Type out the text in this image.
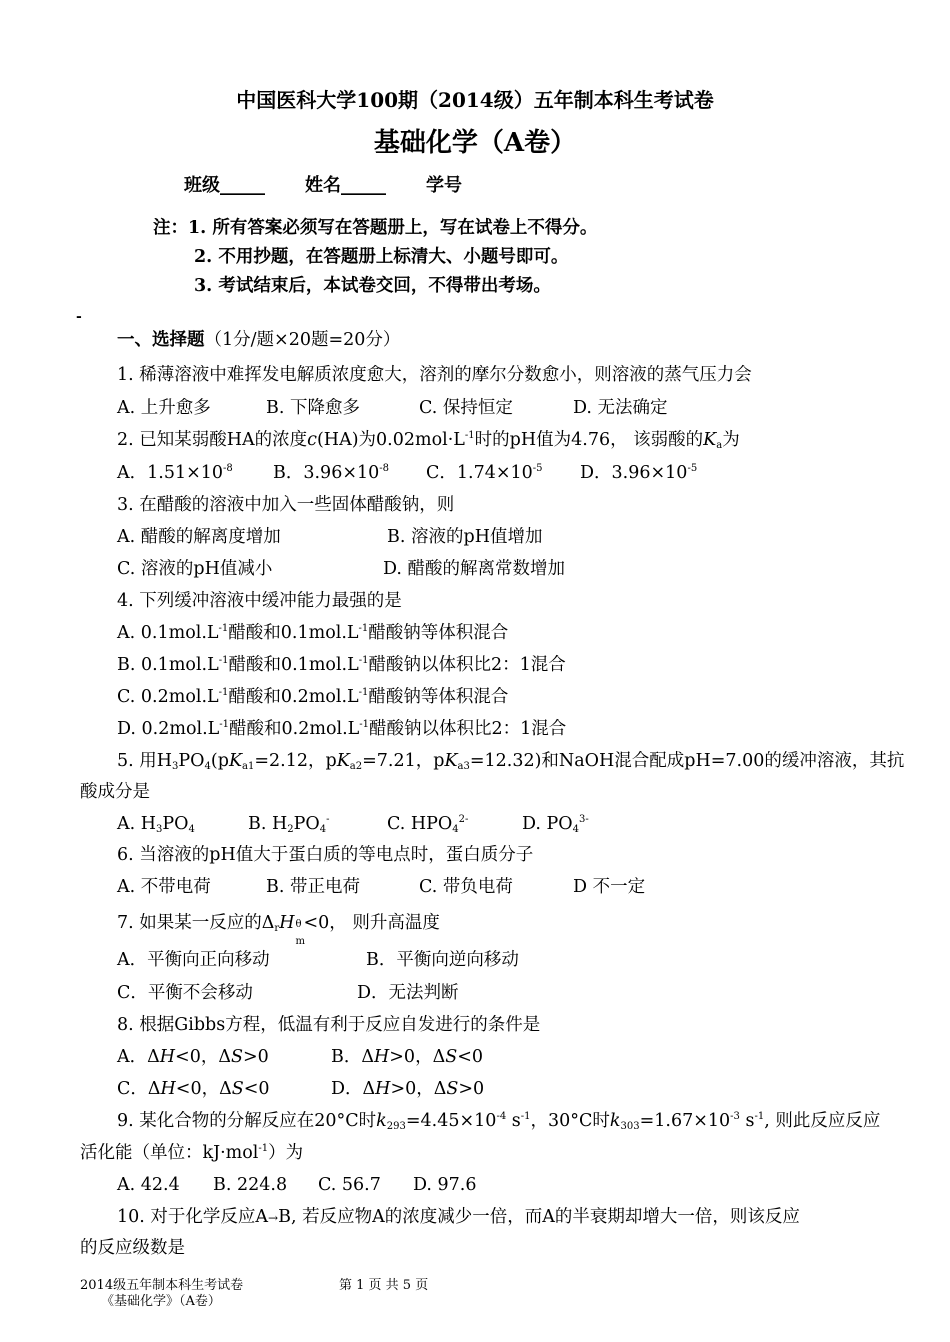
中国医科大学100期（2014级）五年制本科生考试卷
基础化学（A卷）
班级_____ 姓名_____ 学号
注：1. 所有答案必须写在答题册上，写在试卷上不得分。
2. 不用抄题，在答题册上标清大、小题号即可。
3. 考试结束后，本试卷交回，不得带出考场。
-
一、选择题（1分/题×20题=20分）
1. 稀薄溶液中难挥发电解质浓度愈大，溶剂的摩尔分数愈小，则溶液的蒸气压力会
A. 上升愈多	B. 下降愈多	C. 保持恒定	D. 无法确定
2. 已知某弱酸HA的浓度c(HA)为$0.02mol\cdot L^{-1}$时的pH值为4.76， 该弱酸的$K_a$为
A．$1.51\times 10^{-8}$ B．$3.96\times 10^{-8}$ C．$1.74\times 10^{-5}$ D．$3.96\times 10^{-5}$
3. 在醋酸的溶液中加入一些固体醋酸钠，则
A. 醋酸的解离度增加	B. 溶液的pH值增加
C. 溶液的pH值减小	D. 醋酸的解离常数增加
4. 下列缓冲溶液中缓冲能力最强的是
A. $0.1mol.L^{-1}$醋酸和$0.1mol.L^{-1}$醋酸钠等体积混合
B. $0.1mol.L^{-1}$醋酸和$0.1mol.L^{-1}$醋酸钠以体积比2：1混合
C. $0.2mol.L^{-1}$醋酸和$0.2mol.L^{-1}$醋酸钠等体积混合
D. $0.2mol.L^{-1}$醋酸和$0.2mol.L^{-1}$醋酸钠以体积比2：1混合
5. 用$H_3PO_4(pK_{a1}=2.12$，$pK_{a2}=7.21$，$pK_{a3}=12.32$)和NaOH混合配成pH=7.00的缓冲溶液，其抗
酸成分是
A. $H_3PO_4$	B. $H_2PO_4^-$	C. $HPO_4^{2-}$	D. $PO_4^{3-}$
6. 当溶液的pH值大于蛋白质的等电点时，蛋白质分子
A. 不带电荷	B. 带正电荷	C. 带负电荷	D 不一定
7. 如果某一反应的$\Delta_rH$ θ
m
<0， 则升高温度
A．平衡向正向移动	B．平衡向逆向移动
C．平衡不会移动	D．无法判断
8. 根据Gibbs方程，低温有利于反应自发进行的条件是
A．ΔH<0，ΔS>0	B．ΔH>0，ΔS<0
C．ΔH<0，ΔS<0	D．ΔH>0，ΔS>0
9. 某化合物的分解反应在20°C时$k_{293}=4.45\times 10^{-4}$ $s^{-1}$，30°C时$k_{303}=1.67\times 10^{-3}$ $s^{-1}$, 则此反应反应
活化能（单位：kJ·mol$^{-1}$）为
A. 42.4 B. 224.8 C. 56.7 D. 97.6
10. 对于化学反应A→B, 若反应物A的浓度减少一倍，而A的半衰期却增大一倍，则该反应
的反应级数是
2014级五年制本科生考试卷
《基础化学》（A卷）
第 1 页 共 5 页
